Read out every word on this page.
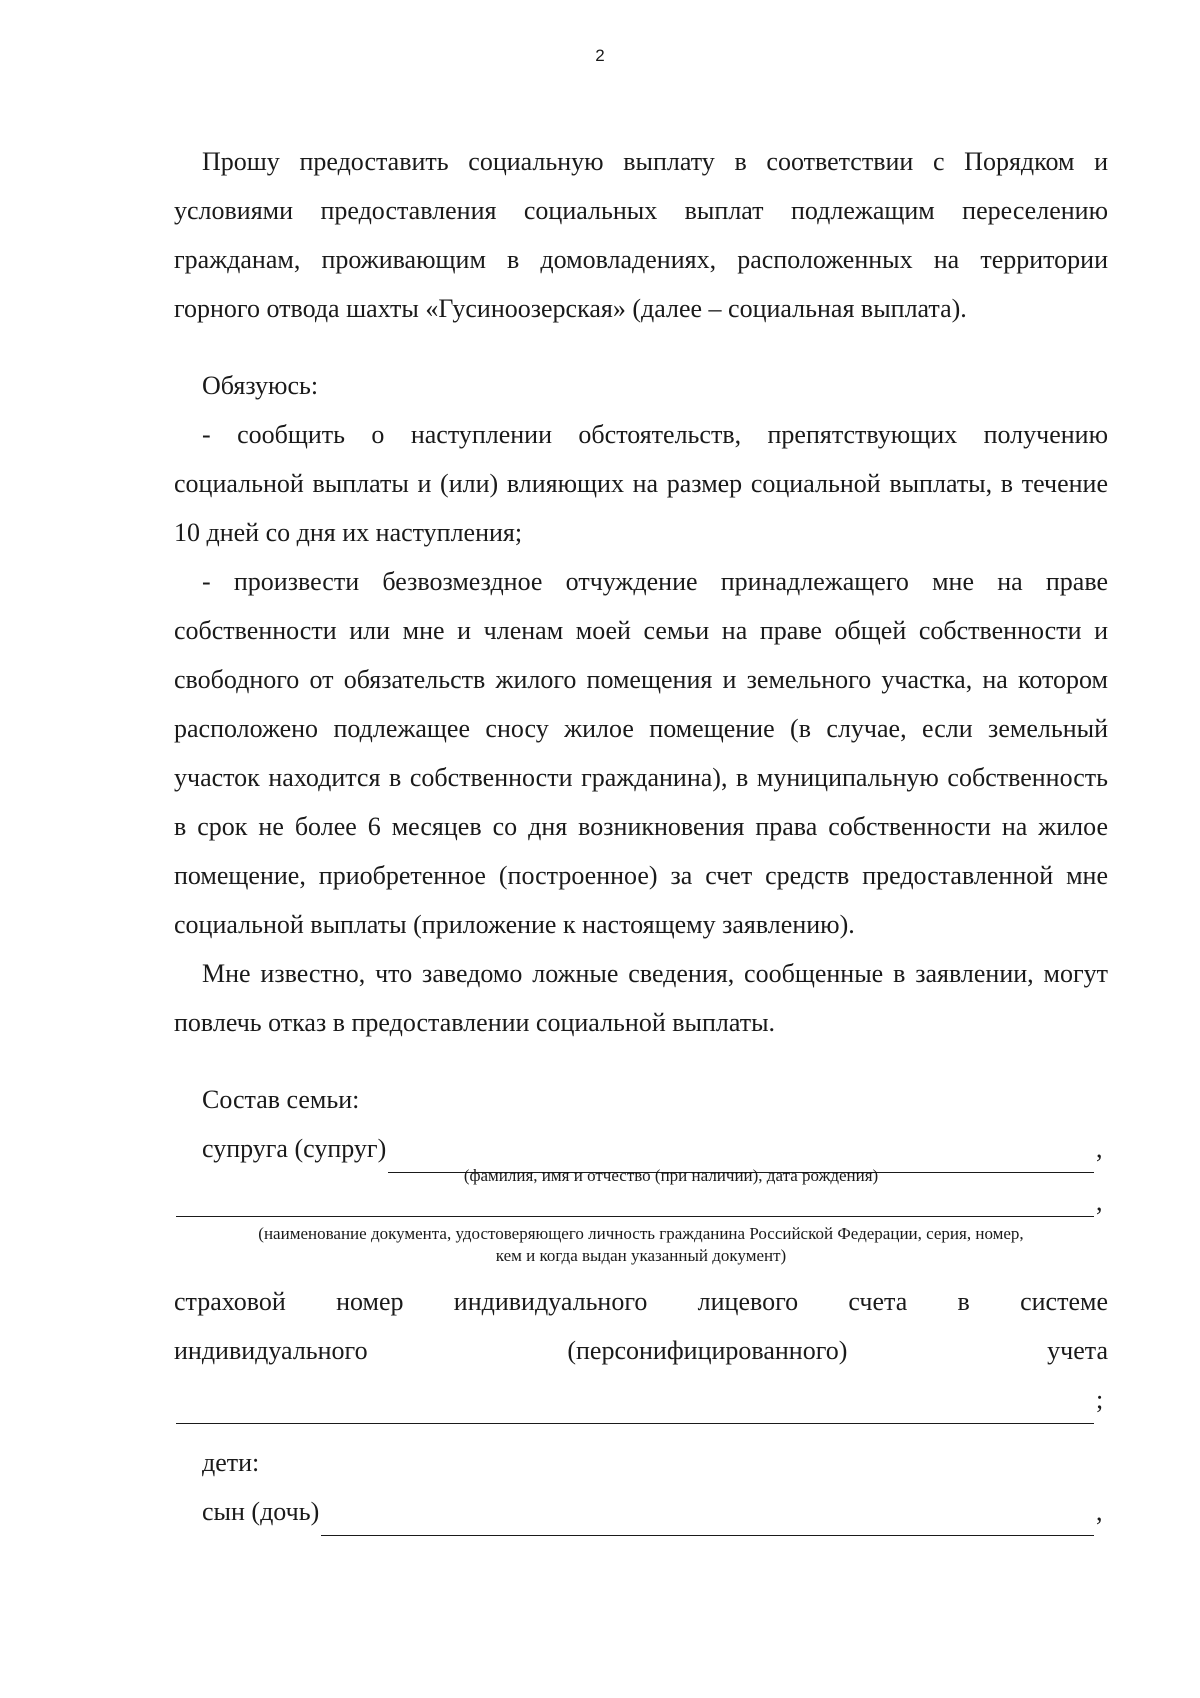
2

Прошу предоставить социальную выплату в соответствии с Порядком и условиями предоставления социальных выплат подлежащим переселению гражданам, проживающим в домовладениях, расположенных на территории горного отвода шахты «Гусиноозерская» (далее – социальная выплата).

Обязуюсь:

- сообщить о наступлении обстоятельств, препятствующих получению социальной выплаты и (или) влияющих на размер социальной выплаты, в течение 10 дней со дня их наступления;

- произвести безвозмездное отчуждение принадлежащего мне на праве собственности или мне и членам моей семьи на праве общей собственности и свободного от обязательств жилого помещения и земельного участка, на котором расположено подлежащее сносу жилое помещение (в случае, если земельный участок находится в собственности гражданина), в муниципальную собственность в срок не более 6 месяцев со дня возникновения права собственности на жилое помещение, приобретенное (построенное) за счет средств предоставленной мне социальной выплаты (приложение к настоящему заявлению).

Мне известно, что заведомо ложные сведения, сообщенные в заявлении, могут повлечь отказ в предоставлении социальной выплаты.

Состав семьи:

супруга (супруг)	,
(фамилия, имя и отчество (при наличии), дата рождения)
,
(наименование документа, удостоверяющего личность гражданина Российской Федерации, серия, номер,
кем и когда выдан указанный документ)
страховой номер индивидуального лицевого счета в системе
индивидуального	(персонифицированного)	учета
;

дети:

сын (дочь)	,
